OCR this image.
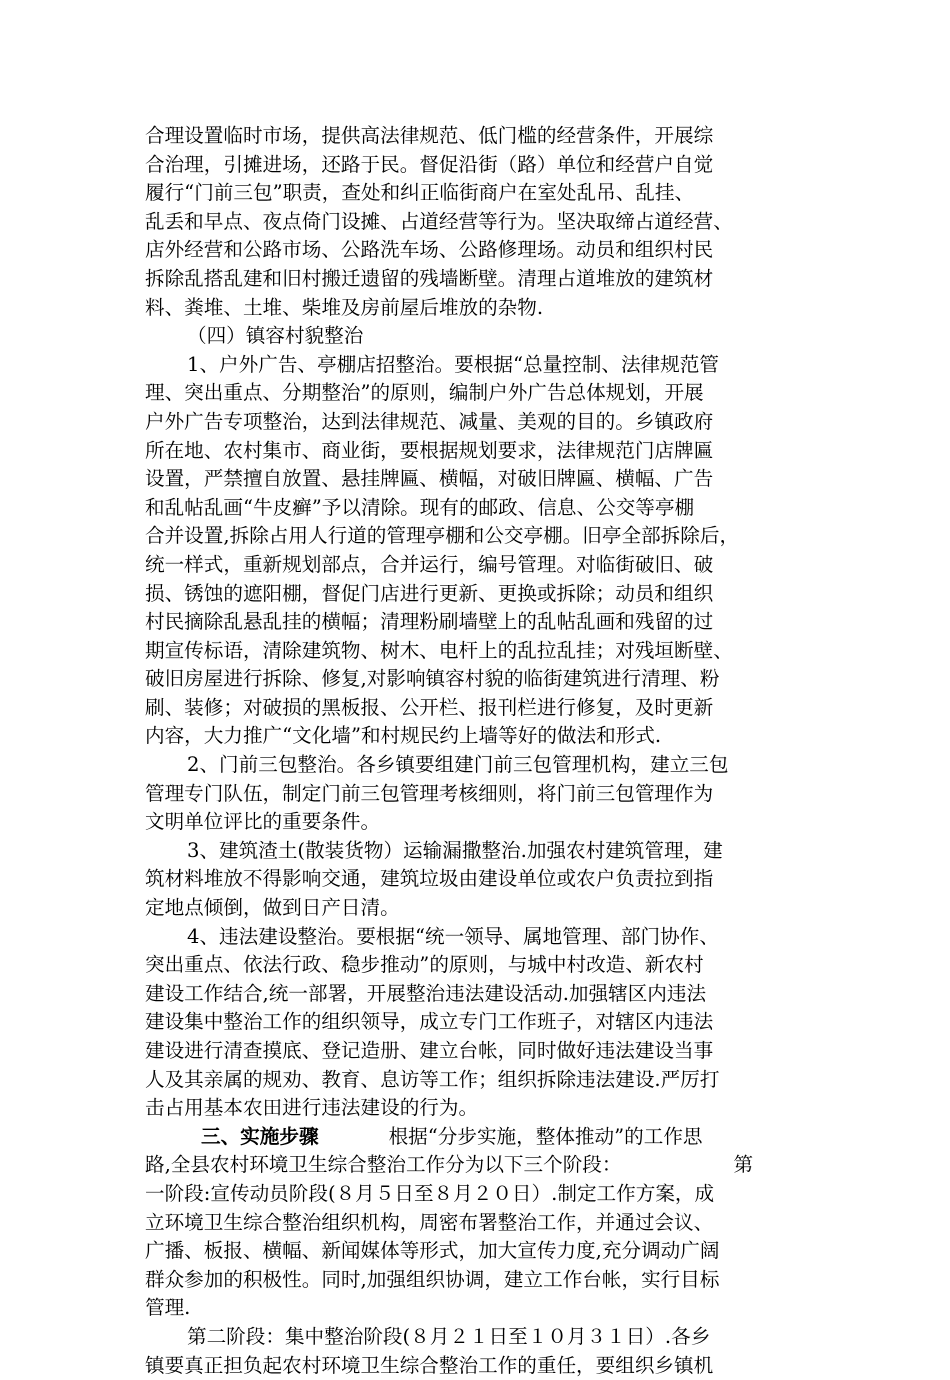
合理设置临时市场，提供高法律规范、低门槛的经营条件，开展综
合治理，引摊进场，还路于民。督促沿街（路）单位和经营户自觉
履行“门前三包”职责，查处和纠正临街商户在室处乱吊、乱挂、
乱丢和早点、夜点倚门设摊、占道经营等行为。坚决取缔占道经营、
店外经营和公路市场、公路洗车场、公路修理场。动员和组织村民
拆除乱搭乱建和旧村搬迁遗留的残墙断壁。清理占道堆放的建筑材
料、粪堆、土堆、柴堆及房前屋后堆放的杂物.
（四）镇容村貌整治
1、户外广告、亭棚店招整治。要根据“总量控制、法律规范管
理、突出重点、分期整治”的原则，编制户外广告总体规划，开展
户外广告专项整治，达到法律规范、减量、美观的目的。乡镇政府
所在地、农村集市、商业街，要根据规划要求，法律规范门店牌匾
设置，严禁擅自放置、悬挂牌匾、横幅，对破旧牌匾、横幅、广告
和乱帖乱画“牛皮癣”予以清除。现有的邮政、信息、公交等亭棚
合并设置,拆除占用人行道的管理亭棚和公交亭棚。旧亭全部拆除后，
统一样式，重新规划部点，合并运行，编号管理。对临街破旧、破
损、锈蚀的遮阳棚，督促门店进行更新、更换或拆除；动员和组织
村民摘除乱悬乱挂的横幅；清理粉刷墙壁上的乱帖乱画和残留的过
期宣传标语，清除建筑物、树木、电杆上的乱拉乱挂；对残垣断壁、
破旧房屋进行拆除、修复,对影响镇容村貌的临街建筑进行清理、粉
刷、装修；对破损的黑板报、公开栏、报刊栏进行修复，及时更新
内容，大力推广“文化墙”和村规民约上墙等好的做法和形式.
2、门前三包整治。各乡镇要组建门前三包管理机构，建立三包
管理专门队伍，制定门前三包管理考核细则，将门前三包管理作为
文明单位评比的重要条件。
3、建筑渣土(散装货物）运输漏撒整治.加强农村建筑管理，建
筑材料堆放不得影响交通，建筑垃圾由建设单位或农户负责拉到指
定地点倾倒，做到日产日清。
4、违法建设整治。要根据“统一领导、属地管理、部门协作、
突出重点、依法行政、稳步推动”的原则，与城中村改造、新农村
建设工作结合,统一部署，开展整治违法建设活动.加强辖区内违法
建设集中整治工作的组织领导，成立专门工作班子，对辖区内违法
建设进行清查摸底、登记造册、建立台帐，同时做好违法建设当事
人及其亲属的规劝、教育、息访等工作；组织拆除违法建设.严厉打
击占用基本农田进行违法建设的行为。
三、实施步骤	根据“分步实施，整体推动”的工作思
路,全县农村环境卫生综合整治工作分为以下三个阶段：	第
一阶段:宣传动员阶段(８月５日至８月２０日）.制定工作方案，成
立环境卫生综合整治组织机构，周密布署整治工作，并通过会议、
广播、板报、横幅、新闻媒体等形式，加大宣传力度,充分调动广阔
群众参加的积极性。同时,加强组织协调，建立工作台帐，实行目标
管理.
第二阶段：集中整治阶段(８月２１日至１０月３１日）.各乡
镇要真正担负起农村环境卫生综合整治工作的重任，要组织乡镇机
